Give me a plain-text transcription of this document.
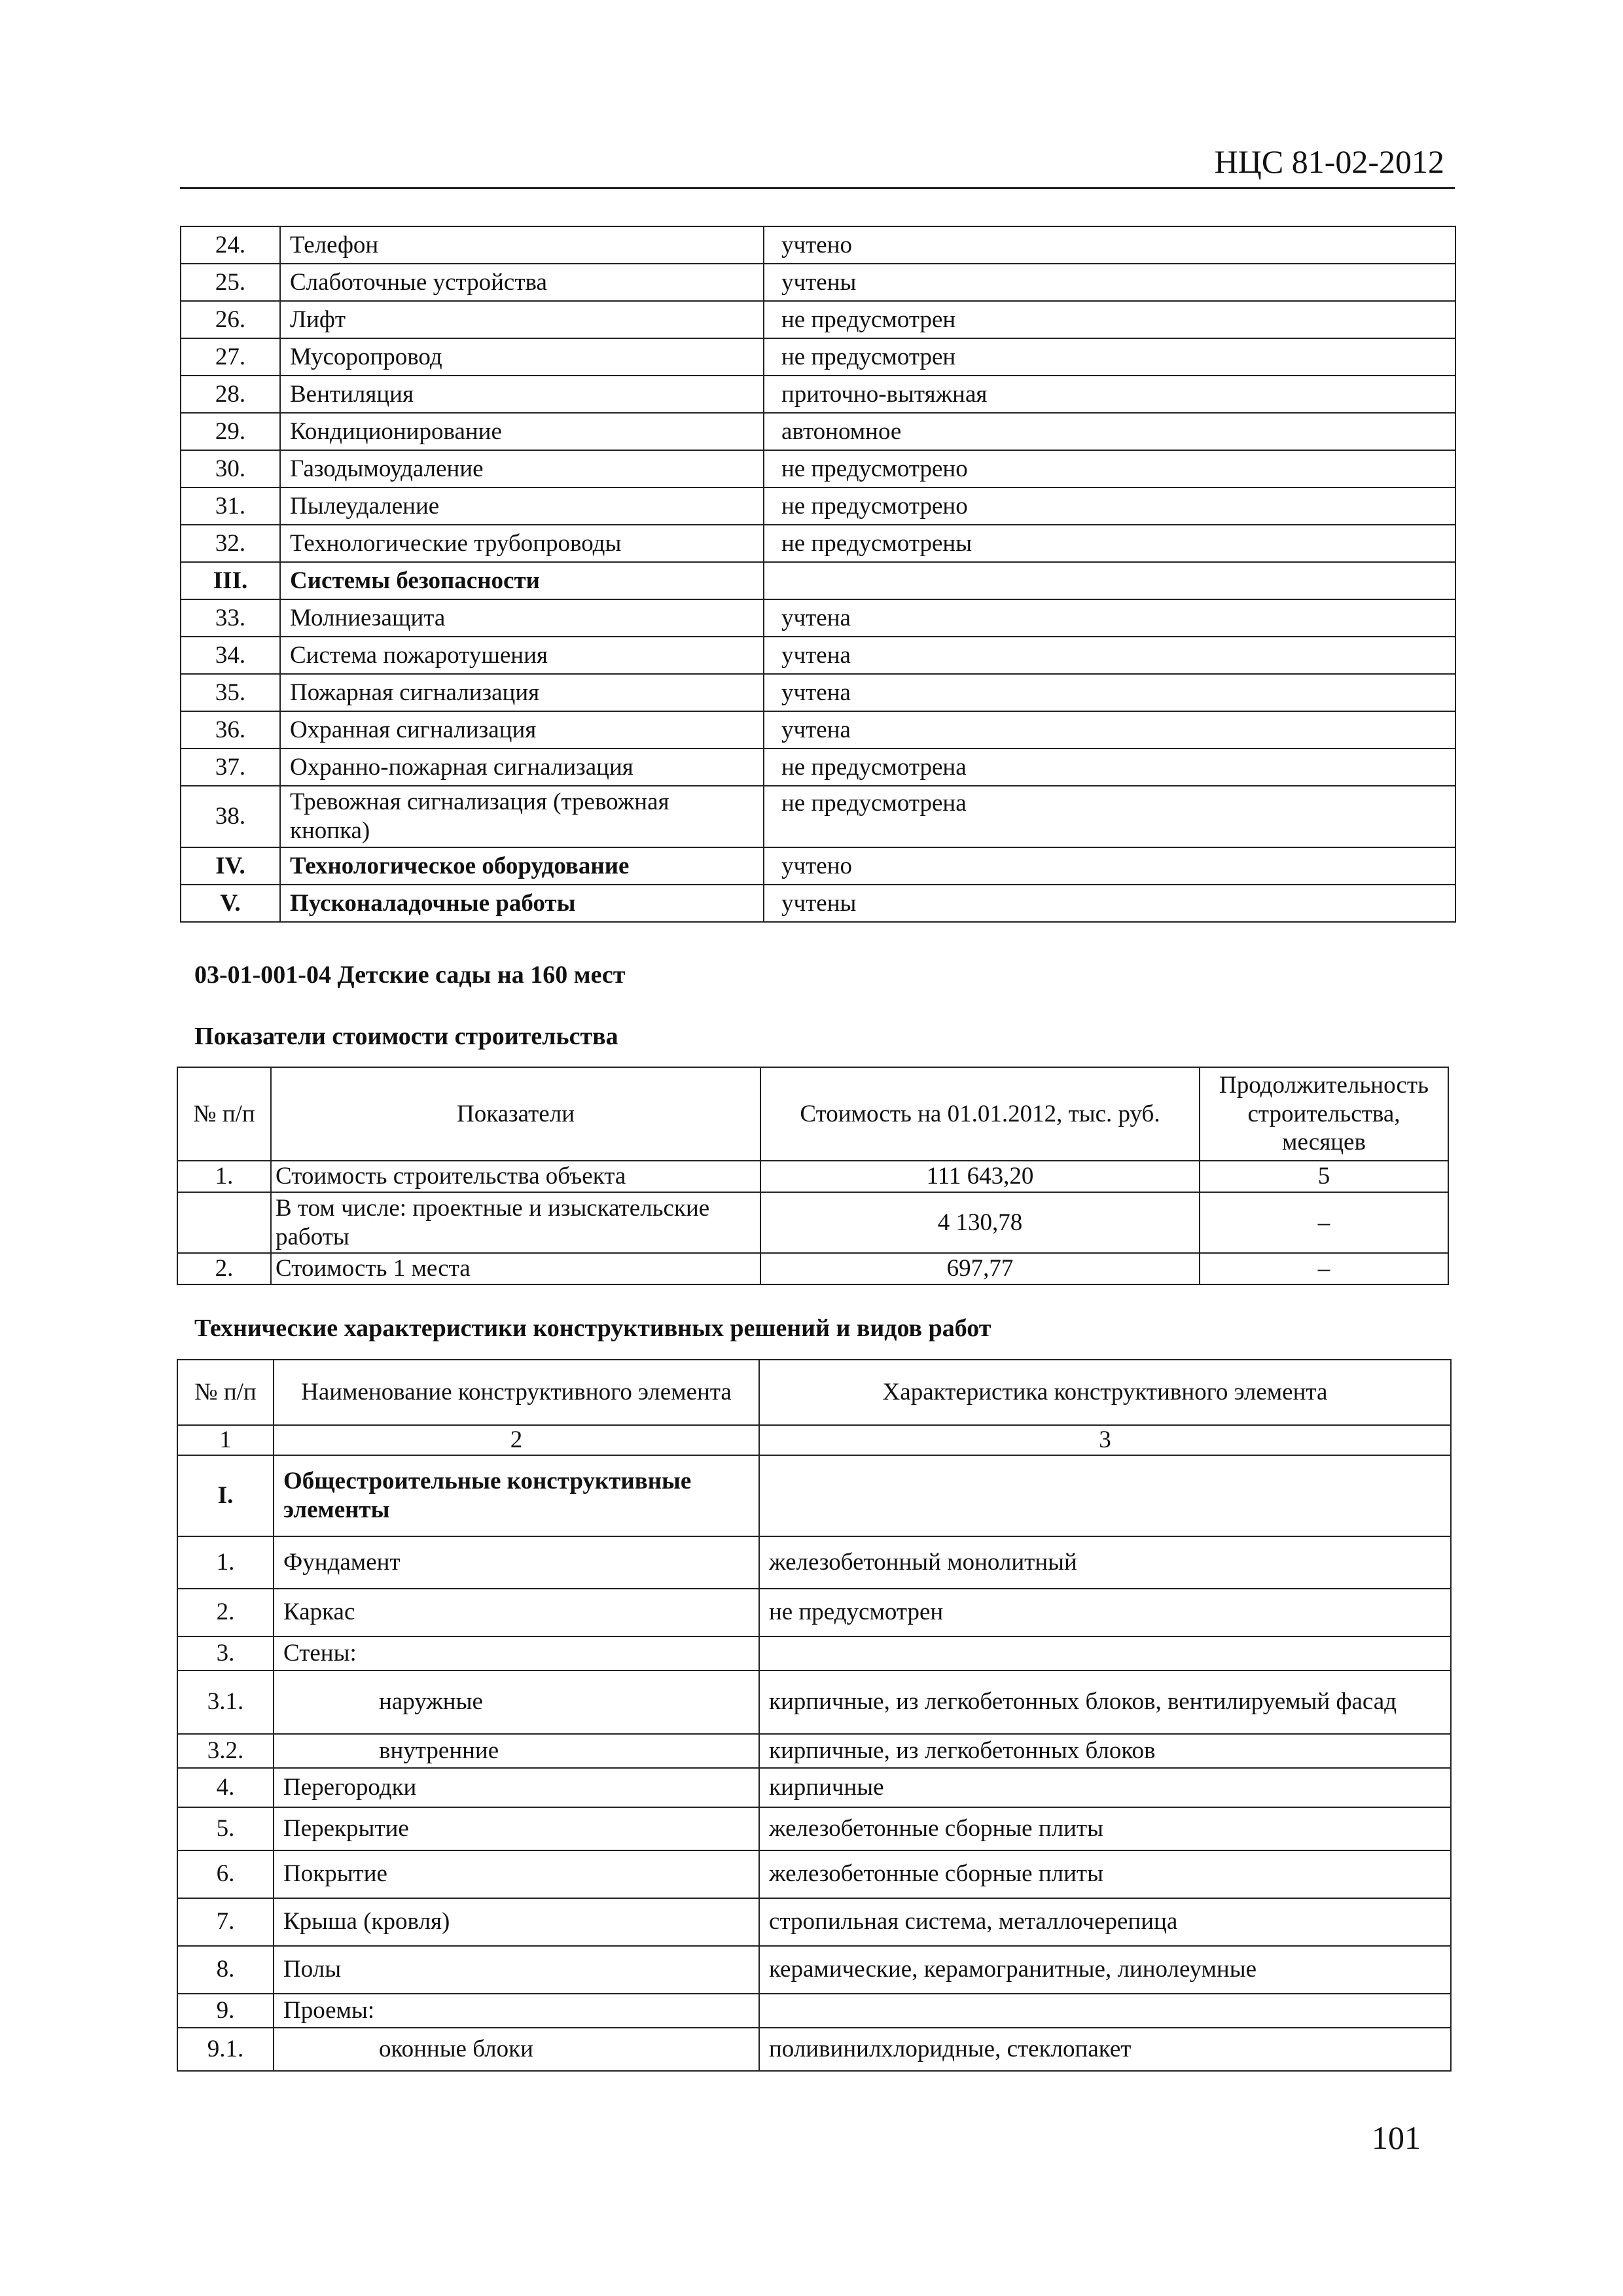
НЦС 81-02-2012
24.	Телефон	учтено
25.	Слаботочные устройства	учтены
26.	Лифт	не предусмотрен
27.	Мусоропровод	не предусмотрен
28.	Вентиляция	приточно-вытяжная
29.	Кондиционирование	автономное
30.	Газодымоудаление	не предусмотрено
31.	Пылеудаление	не предусмотрено
32.	Технологические трубопроводы	не предусмотрены
III.	Системы безопасности	
33.	Молниезащита	учтена
34.	Система пожаротушения	учтена
35.	Пожарная сигнализация	учтена
36.	Охранная сигнализация	учтена
37.	Охранно-пожарная сигнализация	не предусмотрена
38.	Тревожная сигнализация (тревожная кнопка)	не предусмотрена
IV.	Технологическое оборудование	учтено
V.	Пусконаладочные работы	учтены
03-01-001-04 Детские сады на 160 мест
Показатели стоимости строительства
№ п/п	Показатели	Стоимость на 01.01.2012, тыс. руб.	Продолжительность строительства, месяцев
1.	Стоимость строительства объекта	111 643,20	5
	В том числе: проектные и изыскательские работы	4 130,78	–
2.	Стоимость 1 места	697,77	–
Технические характеристики конструктивных решений и видов работ
№ п/п	Наименование конструктивного элемента	Характеристика конструктивного элемента
1	2	3
I.	Общестроительные конструктивные элементы	
1.	Фундамент	железобетонный монолитный
2.	Каркас	не предусмотрен
3.	Стены:	
3.1.	наружные	кирпичные, из легкобетонных блоков, вентилируемый фасад
3.2.	внутренние	кирпичные, из легкобетонных блоков
4.	Перегородки	кирпичные
5.	Перекрытие	железобетонные сборные плиты
6.	Покрытие	железобетонные сборные плиты
7.	Крыша (кровля)	стропильная система, металлочерепица
8.	Полы	керамические, керамогранитные, линолеумные
9.	Проемы:	
9.1.	оконные блоки	поливинилхлоридные, стеклопакет
101
